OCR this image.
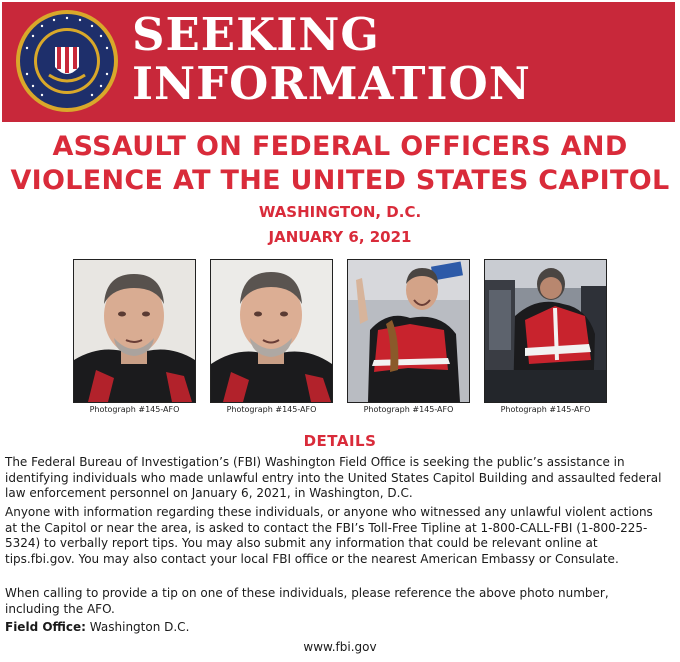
SEEKING
INFORMATION
ASSAULT ON FEDERAL OFFICERS AND
VIOLENCE AT THE UNITED STATES CAPITOL
WASHINGTON, D.C.
JANUARY 6, 2021
Photograph #145-AFO	Photograph #145-AFO	Photograph #145-AFO	Photograph #145-AFO
DETAILS
The Federal Bureau of Investigation’s (FBI) Washington Field Office is seeking the public’s assistance in identifying individuals who made unlawful entry into the United States Capitol Building and assaulted federal law enforcement personnel on January 6, 2021, in Washington, D.C.
Anyone with information regarding these individuals, or anyone who witnessed any unlawful violent actions at the Capitol or near the area, is asked to contact the FBI’s Toll-Free Tipline at 1-800-CALL-FBI (1-800-225-5324) to verbally report tips. You may also submit any information that could be relevant online at tips.fbi.gov. You may also contact your local FBI office or the nearest American Embassy or Consulate.
When calling to provide a tip on one of these individuals, please reference the above photo number, including the AFO.
Field Office: Washington D.C.
www.fbi.gov
